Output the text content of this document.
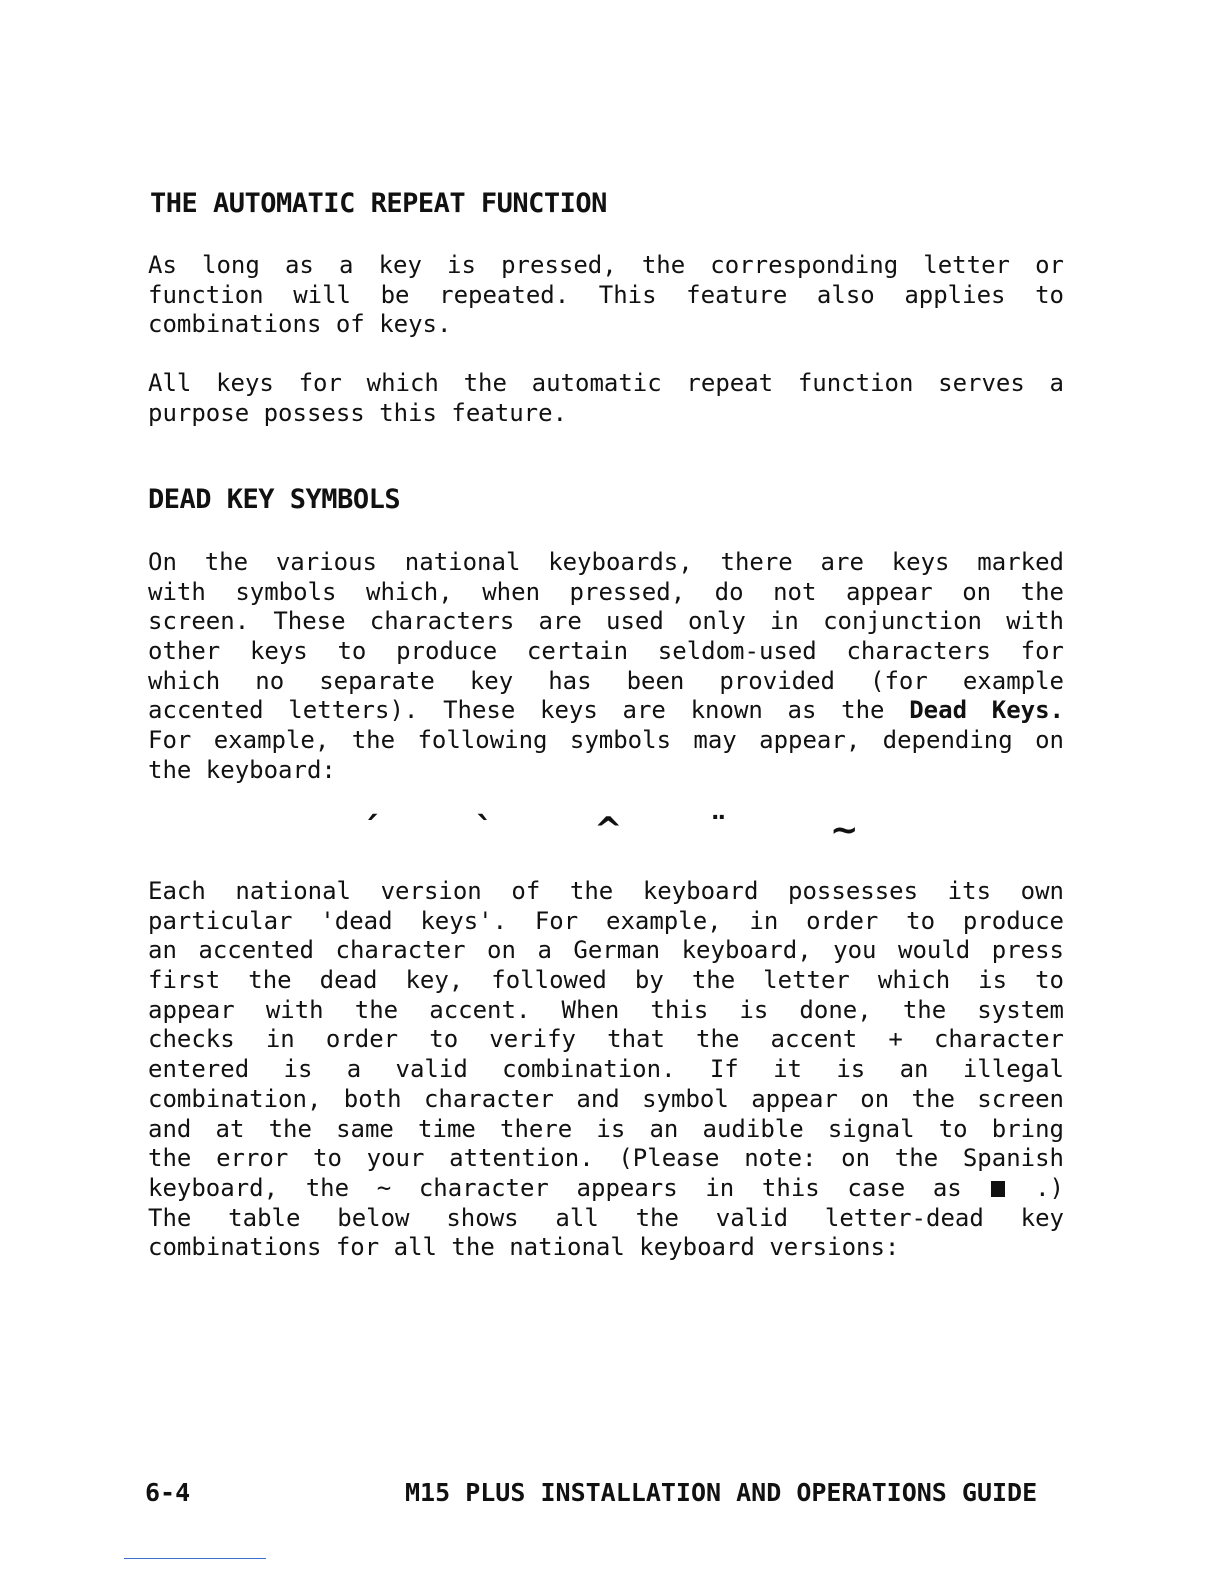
THE AUTOMATIC REPEAT FUNCTION
As long as a key is pressed, the corresponding letter or
function will be repeated. This feature also applies to
combinations of keys.
All keys for which the automatic repeat function serves a
purpose possess this feature.
DEAD KEY SYMBOLS
On the various national keyboards, there are keys marked
with symbols which, when pressed, do not appear on the
screen. These characters are used only in conjunction with
other keys to produce certain seldom-used characters for
which no separate key has been provided (for example
accented letters). These keys are known as the Dead Keys.
For example, the following symbols may appear, depending on
the keyboard:
´	`	^	¨	~
Each national version of the keyboard possesses its own
particular 'dead keys'. For example, in order to produce
an accented character on a German keyboard, you would press
first the dead key, followed by the letter which is to
appear with the accent. When this is done, the system
checks in order to verify that the accent + character
entered is a valid combination. If it is an illegal
combination, both character and symbol appear on the screen
and at the same time there is an audible signal to bring
the error to your attention. (Please note: on the Spanish
keyboard, the ~ character appears in this case as	.)
The table below shows all the valid letter-dead key
combinations for all the national keyboard versions:
6-4	M15 PLUS INSTALLATION AND OPERATIONS GUIDE
